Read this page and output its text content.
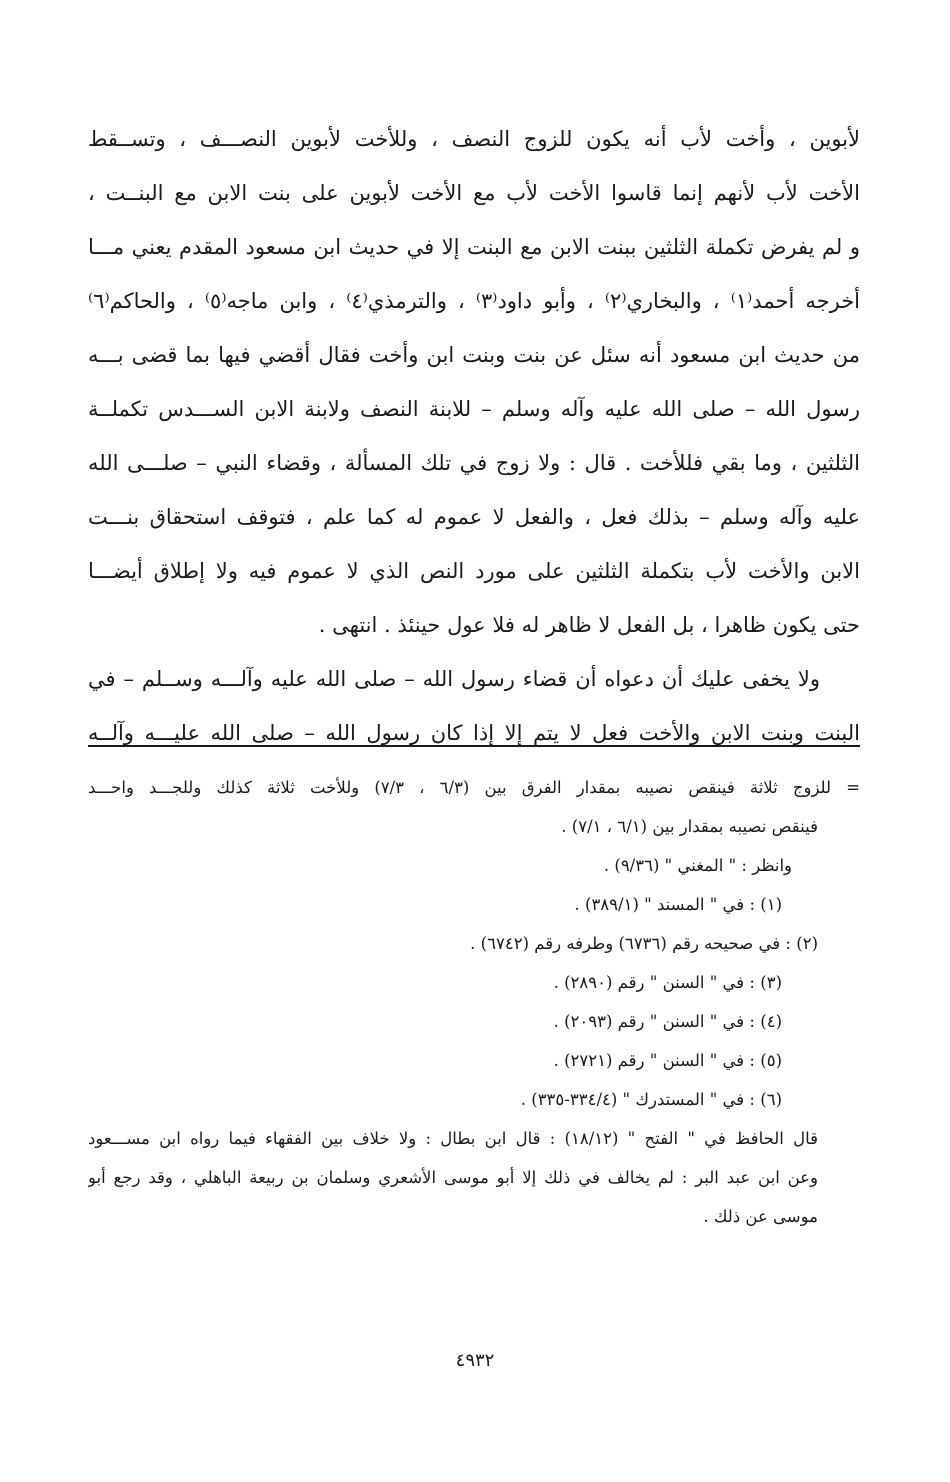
لأبوين ، وأخت لأب أنه يكون للزوج النصف ، وللأخت لأبوين النصـــف ، وتســقط
الأخت لأب لأنهم إنما قاسوا الأخت لأب مع الأخت لأبوين على بنت الابن مع البنــت ،
و لم يفرض تكملة الثلثين ببنت الابن مع البنت إلا في حديث ابن مسعود المقدم يعني مـــا
أخرجه أحمد⁽١⁾ ، والبخاري⁽٢⁾ ، وأبو داود⁽٣⁾ ، والترمذي⁽٤⁾ ، وابن ماجه⁽٥⁾ ، والحاكم⁽٦⁾
من حديث ابن مسعود أنه سئل عن بنت وبنت ابن وأخت فقال أقضي فيها بما قضى بـــه
رسول الله – صلى الله عليه وآله وسلم – للابنة النصف ولابنة الابن الســـدس تكملــة
الثلثين ، وما بقي فللأخت . قال : ولا زوج في تلك المسألة ، وقضاء النبي – صلـــى الله
عليه وآله وسلم – بذلك فعل ، والفعل لا عموم له كما علم ، فتوقف استحقاق بنـــت
الابن والأخت لأب بتكملة الثلثين على مورد النص الذي لا عموم فيه ولا إطلاق أيضـــا
حتى يكون ظاهرا ، بل الفعل لا ظاهر له فلا عول حينئذ . انتهى .
ولا يخفى عليك أن دعواه أن قضاء رسول الله – صلى الله عليه وآلـــه وســلم – في
البنت وبنت الابن والأخت فعل لا يتم إلا إذا كان رسول الله – صلى الله عليـــه وآلــه
= للزوج ثلاثة فينقص نصيبه بمقدار الفرق بين (٦/٣ ، ٧/٣) وللأخت ثلاثة كذلك وللجـــد واحـــد
فينقص نصيبه بمقدار بين (٦/١ ، ٧/١) .
وانظر : " المغني " (٩/٣٦) .
(١) : في " المسند " (٣٨٩/١) .
(٢) : في صحيحه رقم (٦٧٣٦) وطرفه رقم (٦٧٤٢) .
(٣) : في " السنن " رقم (٢٨٩٠) .
(٤) : في " السنن " رقم (٢٠٩٣) .
(٥) : في " السنن " رقم (٢٧٢١) .
(٦) : في " المستدرك " (٣٣٤/٤-٣٣٥) .
قال الحافظ في " الفتح " (١٨/١٢) : قال ابن بطال : ولا خلاف بين الفقهاء فيما رواه ابن مســـعود
وعن ابن عبد البر : لم يخالف في ذلك إلا أبو موسى الأشعري وسلمان بن ربيعة الباهلي ، وقد رجع أبو
موسى عن ذلك .
٤٩٣٢
